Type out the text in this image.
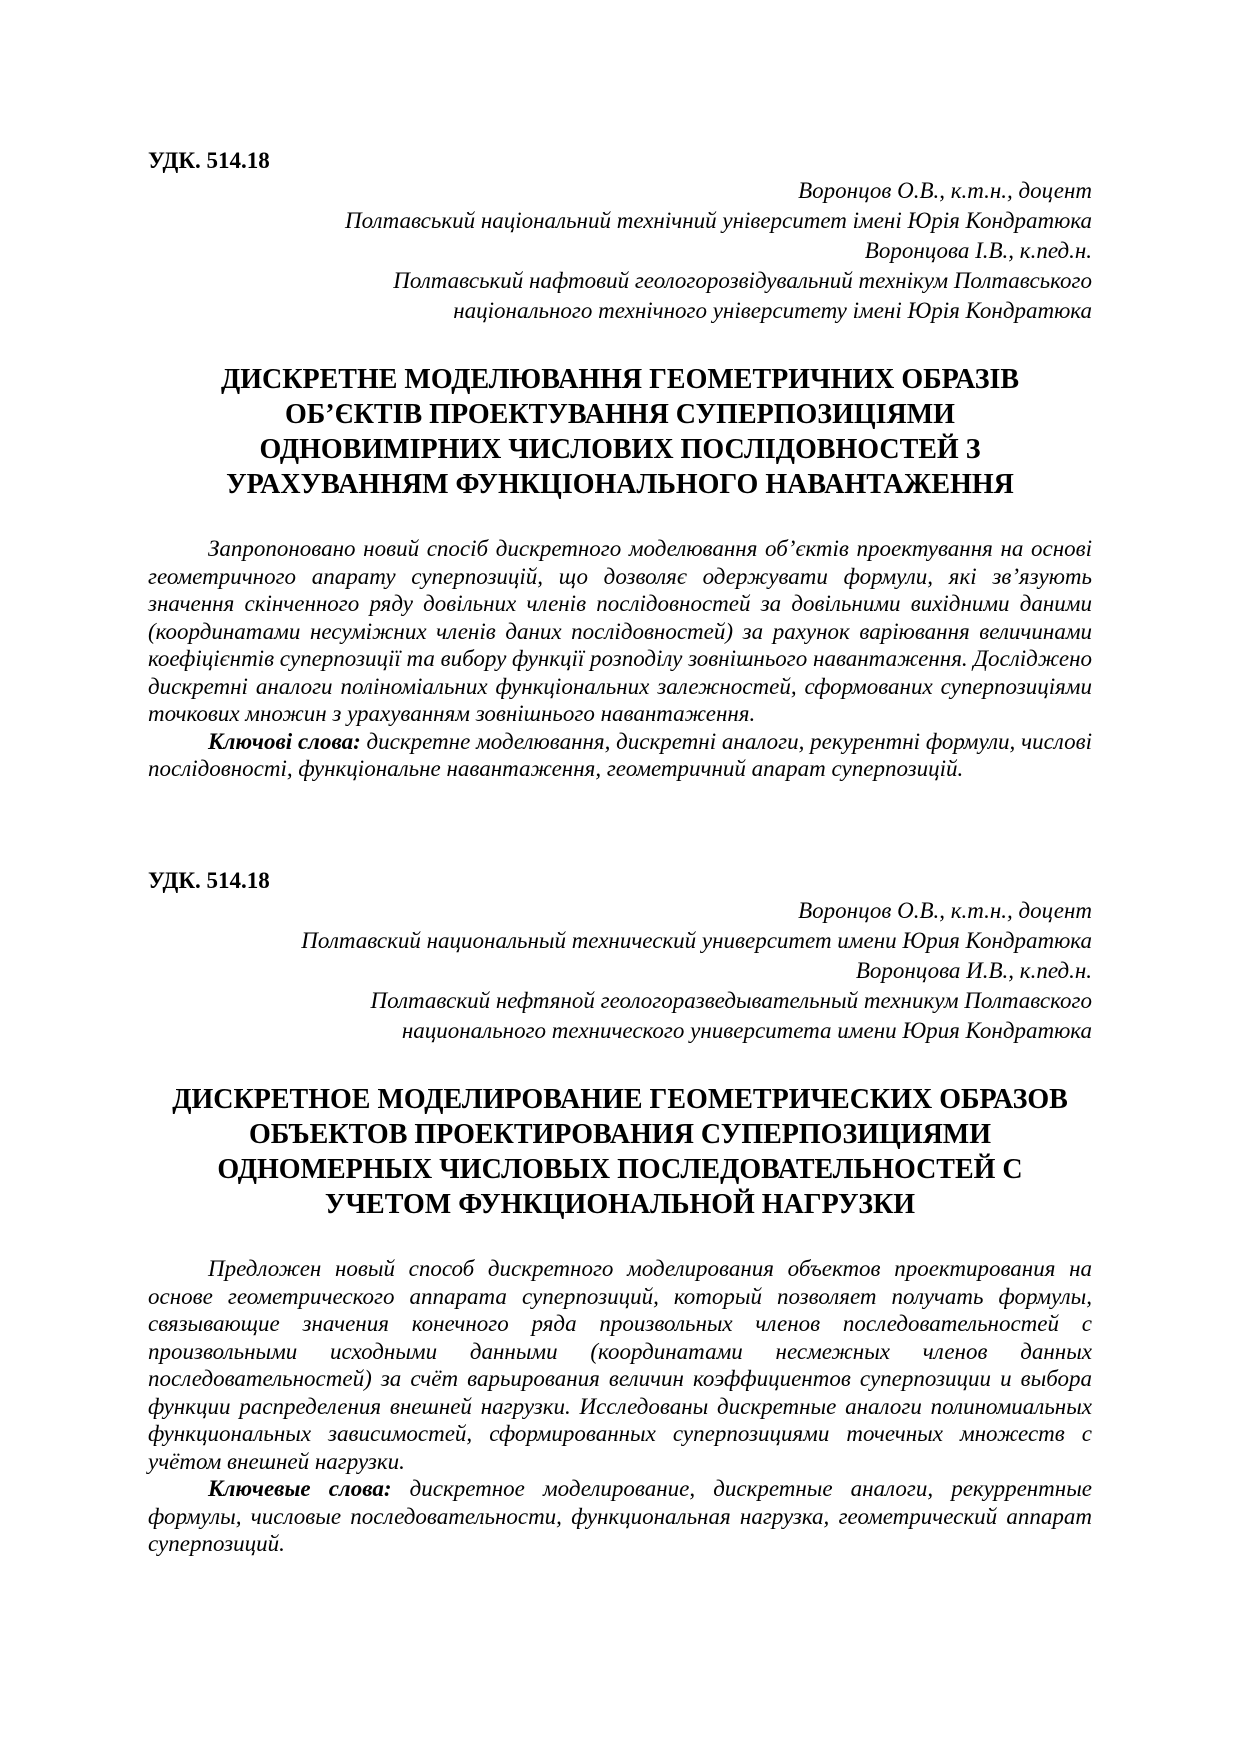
УДК. 514.18

Воронцов О.В., к.т.н., доцент
Полтавський національний технічний університет імені Юрія Кондратюка
Воронцова І.В., к.пед.н.
Полтавський нафтовий геологорозвідувальний технікум Полтавського
національного технічного університету імені Юрія Кондратюка

ДИСКРЕТНЕ МОДЕЛЮВАННЯ ГЕОМЕТРИЧНИХ ОБРАЗІВ
ОБ’ЄКТІВ ПРОЕКТУВАННЯ СУПЕРПОЗИЦІЯМИ
ОДНОВИМІРНИХ ЧИСЛОВИХ ПОСЛІДОВНОСТЕЙ З
УРАХУВАННЯМ ФУНКЦІОНАЛЬНОГО НАВАНТАЖЕННЯ

Запропоновано новий спосіб дискретного моделювання об’єктів проектування на основі геометричного апарату суперпозицій, що дозволяє одержувати формули, які зв’язують значення скінченного ряду довільних членів послідовностей за довільними вихідними даними (координатами несуміжних членів даних послідовностей) за рахунок варіювання величинами коефіцієнтів суперпозиції та вибору функції розподілу зовнішнього навантаження. Досліджено дискретні аналоги поліноміальних функціональних залежностей, сформованих суперпозиціями точкових множин з урахуванням зовнішнього навантаження.

Ключові слова: дискретне моделювання, дискретні аналоги, рекурентні формули, числові послідовності, функціональне навантаження, геометричний апарат суперпозицій.

УДК. 514.18

Воронцов О.В., к.т.н., доцент
Полтавский национальный технический университет имени Юрия Кондратюка
Воронцова И.В., к.пед.н.
Полтавский нефтяной геологоразведывательный техникум Полтавского
национального технического университета имени Юрия Кондратюка

ДИСКРЕТНОЕ МОДЕЛИРОВАНИЕ ГЕОМЕТРИЧЕСКИХ ОБРАЗОВ
ОБЪЕКТОВ ПРОЕКТИРОВАНИЯ СУПЕРПОЗИЦИЯМИ
ОДНОМЕРНЫХ ЧИСЛОВЫХ ПОСЛЕДОВАТЕЛЬНОСТЕЙ С
УЧЕТОМ ФУНКЦИОНАЛЬНОЙ НАГРУЗКИ

Предложен новый способ дискретного моделирования объектов проектирования на основе геометрического аппарата суперпозиций, который позволяет получать формулы, связывающие значения конечного ряда произвольных членов последовательностей с произвольными исходными данными (координатами несмежных членов данных последовательностей) за счёт варьирования величин коэффициентов суперпозиции и выбора функции распределения внешней нагрузки. Исследованы дискретные аналоги полиномиальных функциональных зависимостей, сформированных суперпозициями точечных множеств с учётом внешней нагрузки.

Ключевые слова: дискретное моделирование, дискретные аналоги, рекуррентные формулы, числовые последовательности, функциональная нагрузка, геометрический аппарат суперпозиций.
